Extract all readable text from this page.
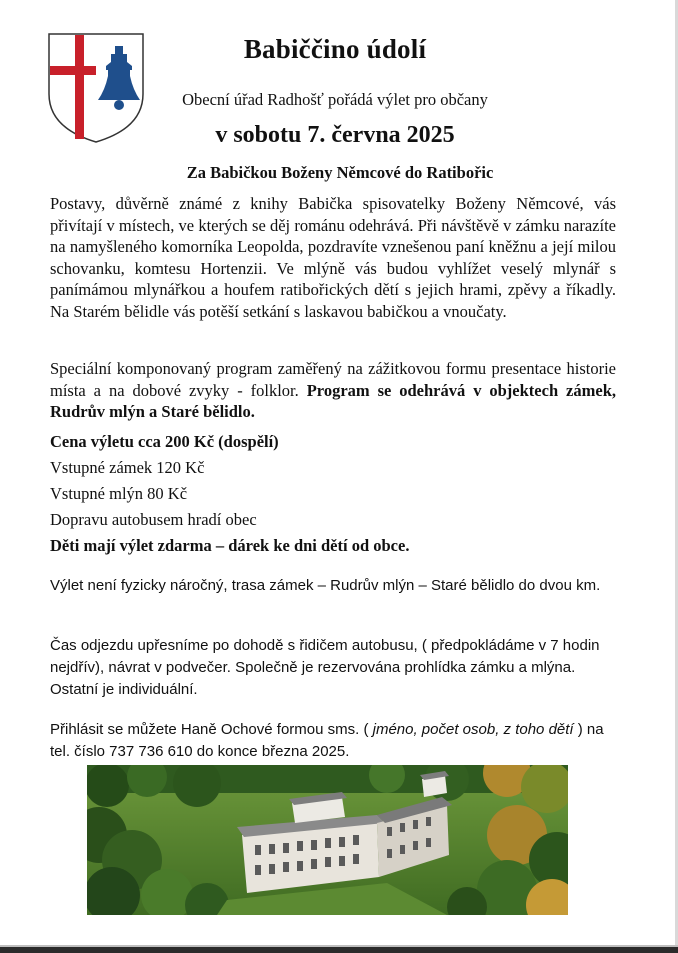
Babiččino údolí
Obecní úřad Radhošť pořádá výlet pro občany
v sobotu 7. června 2025
Za Babičkou Boženy Němcové do Ratibořic
Postavy, důvěrně známé z knihy Babička spisovatelky Boženy Němcové, vás přivítají v místech, ve kterých se děj románu odehrává. Při návštěvě v zámku narazíte na namyšleného komorníka Leopolda, pozdravíte vznešenou paní kněžnu a její milou schovanku, komtesu Hortenzii. Ve mlýně vás budou vyhlížet veselý mlynář s panímámou mlynářkou a houfem ratibořických dětí s jejich hrami, zpěvy a říkadly. Na Starém bělidle vás potěší setkání s laskavou babičkou a vnoučaty.
Speciální komponovaný program zaměřený na zážitkovou formu presentace historie místa a na dobové zvyky - folklor. Program se odehrává v objektech zámek, Rudrův mlýn a Staré bělidlo.
Cena výletu cca 200 Kč (dospělí)
Vstupné zámek 120 Kč
Vstupné mlýn 80 Kč
Dopravu autobusem hradí obec
Děti mají výlet zdarma – dárek ke dni dětí od obce.
Výlet není fyzicky náročný, trasa zámek – Rudrův mlýn – Staré bělidlo do dvou km.
Čas odjezdu upřesníme po dohodě s řidičem autobusu, ( předpokládáme v 7 hodin nejdřív), návrat v podvečer. Společně je rezervována prohlídka zámku a mlýna. Ostatní je individuální.
Přihlásit se můžete Haně Ochové formou sms. ( jméno, počet osob, z toho dětí ) na tel. číslo 737 736 610 do konce března 2025.
